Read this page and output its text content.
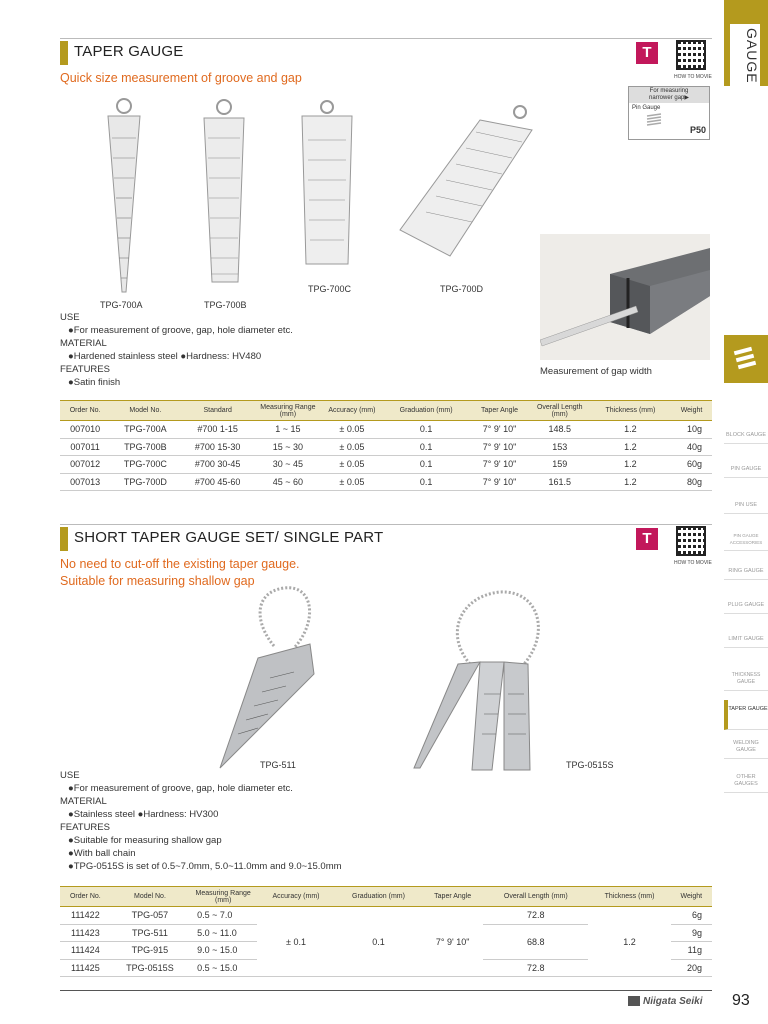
GAUGE
BLOCK GAUGE
PIN GAUGE
PIN USE
PIN GAUGE ACCESSORIES
RING GAUGE
PLUG GAUGE
LIMIT GAUGE
THICKNESS GAUGE
TAPER GAUGE
WELDING GAUGE
OTHER GAUGES
TAPER GAUGE	T
HOW TO MOVIE
Quick size measurement of groove and gap
For measuring
narrower gap▶
Pin Gauge
P50
TPG-700A	TPG-700B
TPG-700C	TPG-700D
Measurement of gap width
USE
●For measurement of groove, gap, hole diameter etc.
MATERIAL
●Hardened stainless steel ●Hardness: HV480
FEATURES
●Satin finish
Order No.	Model No.	Standard	Measuring Range (mm)	Accuracy (mm)	Graduation (mm)	Taper Angle	Overall Length (mm)	Thickness (mm)	Weight
007010	TPG-700A	#700 1-15	1 ~ 15	± 0.05	0.1	7° 9' 10"	148.5	1.2	10g
007011	TPG-700B	#700 15-30	15 ~ 30	± 0.05	0.1	7° 9' 10"	153	1.2	40g
007012	TPG-700C	#700 30-45	30 ~ 45	± 0.05	0.1	7° 9' 10"	159	1.2	60g
007013	TPG-700D	#700 45-60	45 ~ 60	± 0.05	0.1	7° 9' 10"	161.5	1.2	80g
SHORT TAPER GAUGE SET/ SINGLE PART	T
HOW TO MOVIE
No need to cut-off the existing taper gauge.
Suitable for measuring shallow gap
TPG-511	TPG-0515S
USE
●For measurement of groove, gap, hole diameter etc.
MATERIAL
●Stainless steel ●Hardness: HV300
FEATURES
●Suitable for measuring shallow gap
●With ball chain
●TPG-0515S is set of 0.5~7.0mm, 5.0~11.0mm and 9.0~15.0mm
Order No.	Model No.	Measuring Range (mm)	Accuracy (mm)	Graduation (mm)	Taper Angle	Overall Length (mm)	Thickness (mm)	Weight
111422	TPG-057	0.5 ~ 7.0	± 0.1	0.1	7° 9' 10"	72.8	1.2	6g
111423	TPG-511	5.0 ~ 11.0				68.8		9g
111424	TPG-915	9.0 ~ 15.0						11g
111425	TPG-0515S	0.5 ~ 15.0				72.8		20g
Niigata Seiki 93
